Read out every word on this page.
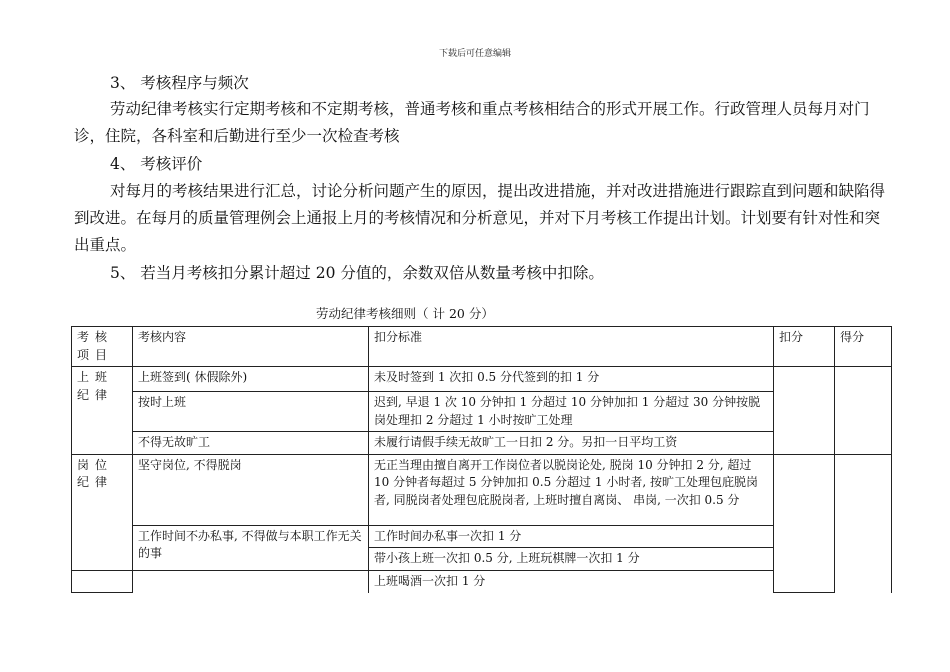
下载后可任意编辑
3、 考核程序与频次

劳动纪律考核实行定期考核和不定期考核，普通考核和重点考核相结合的形式开展工作。行政管理人员每月对门诊，住院，各科室和后勤进行至少一次检查考核

4、 考核评价

对每月的考核结果进行汇总，讨论分析问题产生的原因，提出改进措施，并对改进措施进行跟踪直到问题和缺陷得到改进。在每月的质量管理例会上通报上月的考核情况和分析意见，并对下月考核工作提出计划。计划要有针对性和突出重点。

5、 若当月考核扣分累计超过 20 分值的，余数双倍从数量考核中扣除。
劳动纪律考核细则（ 计 20 分）
考核项目	考核内容	扣分标准	扣分	得分
上班纪律	上班签到( 休假除外)	未及时签到 1 次扣 0.5 分代签到的扣 1 分		
	按时上班	迟到, 早退 1 次 10 分钟扣 1 分超过 10 分钟加扣 1 分超过 30 分钟按脱岗处理扣 2 分超过 1 小时按旷工处理		
	不得无故旷工	未履行请假手续无故旷工一日扣 2 分。另扣一日平均工资		
岗位纪律	坚守岗位, 不得脱岗	无正当理由擅自离开工作岗位者以脱岗论处, 脱岗 10 分钟扣 2 分, 超过 10 分钟者每超过 5 分钟加扣 0.5 分超过 1 小时者, 按旷工处理包庇脱岗者, 同脱岗者处理包庇脱岗者, 上班时擅自离岗、 串岗, 一次扣 0.5 分		
	工作时间不办私事, 不得做与本职工作无关的事	工作时间办私事一次扣 1 分		
		带小孩上班一次扣 0.5 分, 上班玩棋牌一次扣 1 分		
		上班喝酒一次扣 1 分		
